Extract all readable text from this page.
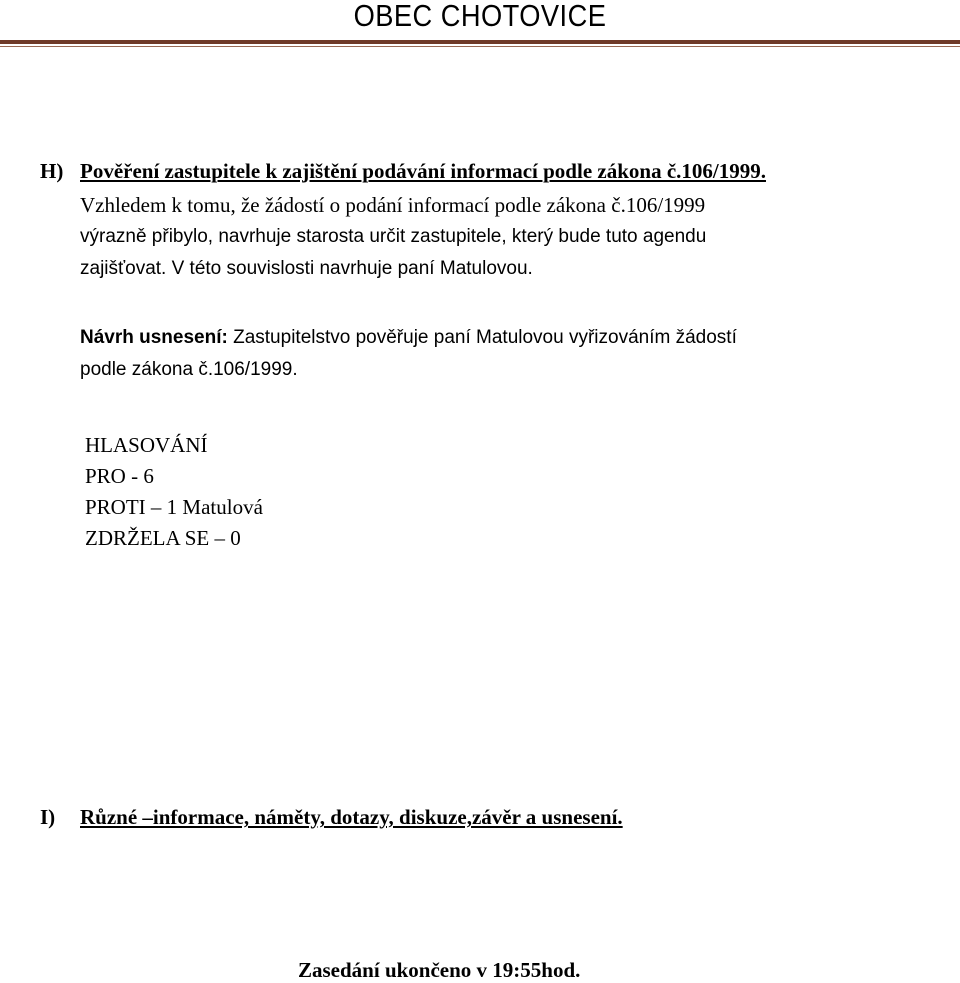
OBEC CHOTOVICE
H) Pověření zastupitele k zajištění podávání informací podle zákona č.106/1999.
Vzhledem k tomu, že žádostí o podání informací podle zákona č.106/1999
výrazně přibylo, navrhuje starosta určit zastupitele, který bude tuto agendu
zajišťovat. V této souvislosti navrhuje paní Matulovou.
Návrh usnesení: Zastupitelstvo pověřuje paní Matulovou vyřizováním žádostí
podle zákona č.106/1999.
HLASOVÁNÍ
PRO - 6
PROTI – 1 Matulová
ZDRŽELA SE – 0
I) Různé –informace, náměty, dotazy, diskuze,závěr a usnesení.
Zasedání ukončeno v 19:55hod.
